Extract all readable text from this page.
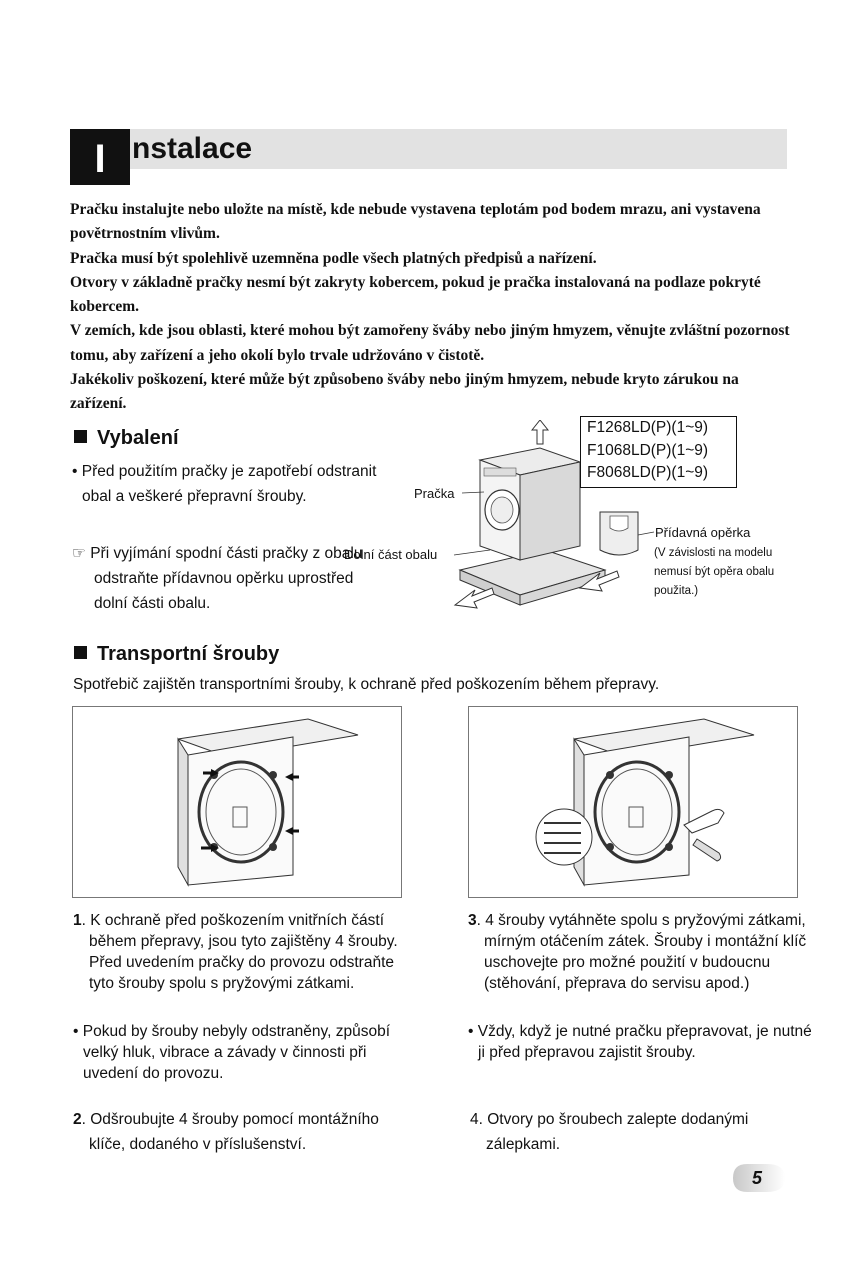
I nstalace

Pračku instalujte nebo uložte na místě, kde nebude vystavena teplotám pod bodem mrazu, ani vystavena povětrnostním vlivům.

Pračka musí být spolehlivě uzemněna podle všech platných předpisů a nařízení.

Otvory v základně pračky nesmí být zakryty kobercem, pokud je pračka instalovaná na podlaze pokryté kobercem.

V zemích, kde jsou oblasti, které mohou být zamořeny šváby nebo jiným hmyzem, věnujte zvláštní pozornost tomu, aby zařízení a jeho okolí bylo trvale udržováno v čistotě.

Jakékoliv poškození, které může být způsobeno šváby nebo jiným hmyzem, nebude kryto zárukou na zařízení.

Vybalení
• Před použitím pračky je zapotřebí odstranit obal a veškeré přepravní šrouby.
☞ Při vyjímání spodní části pračky z obalu odstraňte přídavnou opěrku uprostřed dolní části obalu.
F1268LD(P)(1~9)
F1068LD(P)(1~9)
F8068LD(P)(1~9)
Pračka
Dolní část obalu
Přídavná opěrka
(V závislosti na modelu nemusí být opěra obalu použita.)
Transportní šrouby
Spotřebič zajištěn transportními šrouby, k ochraně před poškozením během přepravy.
1. K ochraně před poškozením vnitřních částí během přepravy, jsou tyto zajištěny 4 šrouby. Před uvedením pračky do provozu odstraňte tyto šrouby spolu s pryžovými zátkami.
• Pokud by šrouby nebyly odstraněny, způsobí velký hluk, vibrace a závady v činnosti při uvedení do provozu.
2. Odšroubujte 4 šrouby pomocí montážního klíče, dodaného v příslušenství.
3. 4 šrouby vytáhněte spolu s pryžovými zátkami, mírným otáčením zátek. Šrouby i montážní klíč uschovejte pro možné použití v budoucnu (stěhování, přeprava do servisu apod.)
• Vždy, když je nutné pračku přepravovat, je nutné ji před přepravou zajistit šrouby.
4. Otvory po šroubech zalepte dodanými zálepkami.
5
